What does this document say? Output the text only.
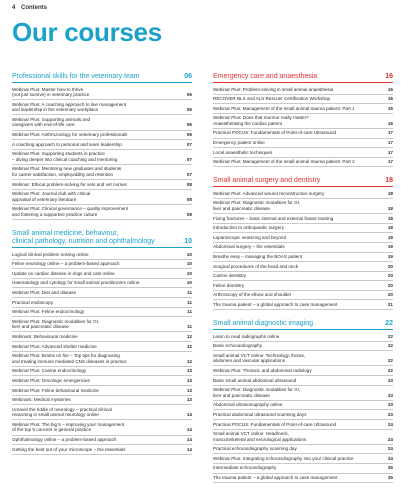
4 Contents
Our courses
Professional skills for the veterinary team	06
Webinar Plus: Master how to thrive
(not just survive) in veterinary practice	06
Webinar Plus: A coaching approach to line management
and leadership in the veterinary workplace	06
Webinar Plus: Supporting animals and
caregivers with end-of-life care	06
Webinar Plus: Anthrozoology for veterinary professionals	06
A coaching approach to personal and team leadership	07
Webinar Plus: Supporting students in practice
– diving deeper into clinical coaching and mentoring	07
Webinar Plus: Mentoring new graduates and students
for career satisfaction, employability and retention	07
Webinar: Ethical problem-solving for vets and vet nurses	08
Webinar Plus: Journal club with critical
appraisal of veterinary literature	08
Webinar Plus: Clinical governance – quality improvement
and fostering a supportive practice culture	08
Small animal medicine, behaviour,
clinical pathology, nutrition and ophthalmology	10
Logical clinical problem solving online	10
Feline neurology online – a problem-based approach	10
Update on cardiac disease in dogs and cats online	10
Haematology and cytology for small animal practitioners online	10
Webinar Plus: Diet and disease	11
Practical endoscopy	11
Webinar Plus: Feline endocrinology	11
Webinar Plus: Diagnostic modalities for GI,
liver and pancreatic disease	11
Webinars: Behavioural medicine	12
Webinar Plus: Advanced shelter medicine	12
Webinar Plus: Brains on fire – Top tips for diagnosing
and treating immune mediated CNS diseases in practice	12
Webinar Plus: Canine endocrinology	13
Webinar Plus: Oncologic emergencies	13
Webinar Plus: Feline behavioural medicine	13
Webinars: Medical mysteries	13
Unravel the riddle of neurology – practical clinical
reasoning in small animal neurology online	14
Webinar Plus: The big 5 – improving your management
of the top 5 cancers in general practice	14
Ophthalmology online – a problem-based approach	14
Getting the best out of your microscope – the essentials	14
Emergency care and anaesthesia	16
Webinar Plus: Problem-solving in small animal anaesthesia	16
RECOVER BLS and ALS Rescuer Certification Workshop	16
Webinar Plus: Management of the small animal trauma patient: Part 1	16
Webinar Plus: Does that murmur really matter?
Anaesthetising the cardiac patient	16
Practical POCUS: Fundamentals of Point-of-care Ultrasound	17
Emergency patient online	17
Local anaesthetic techniques	17
Webinar Plus: Management of the small animal trauma patient: Part 2	17
Small animal surgery and dentistry	18
Webinar Plus: Advanced wound reconstructive surgery	18
Webinar Plus: Diagnostic modalities for GI,
liver and pancreatic disease	18
Fixing fractures – basic internal and external fixator training	18
Introduction to orthopaedic surgery	18
Laparoscopic neutering and beyond	19
Abdominal surgery – the essentials	19
Breathe easy – managing the BOAS patient	19
Surgical procedures of the head and neck	20
Canine dentistry	20
Feline dentistry	20
Arthroscopy of the elbow and shoulder	20
The trauma patient – a global approach to case management	21
Small animal diagnostic imaging	22
Learn to read radiographs online	22
Basic echocardiography	22
Small animal VCT online: Technology, thorax,
abdomen and vascular applications	22
Webinar Plus: Thoracic and abdominal radiology	22
Basic small animal abdominal ultrasound	23
Webinar Plus: Diagnostic modalities for GI,
liver and pancreatic disease	23
Abdominal ultrasonography online	23
Practical abdominal ultrasound scanning days	23
Practical POCUS: Fundamentals of Point-of-care Ultrasound	24
Small animal VCT online: Head/neck,
musculoskeletal and neurological applications	24
Practical echocardiography scanning day	24
Webinar Plus: Integrating echocardiography into your clinical practice	24
Intermediate echocardiography	25
The trauma patient – a global approach to case management	25
